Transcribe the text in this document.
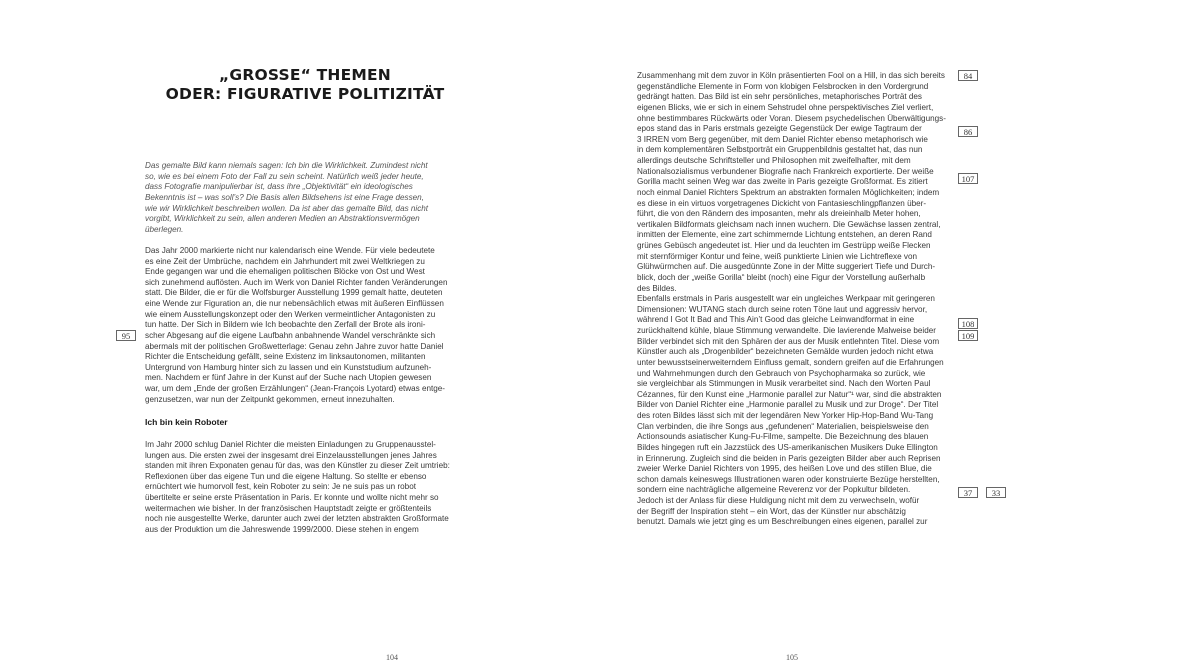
„GROSSE“ THEMEN
ODER: FIGURATIVE POLITIZITÄT

Das gemalte Bild kann niemals sagen: Ich bin die Wirklichkeit. Zumindest nicht
so, wie es bei einem Foto der Fall zu sein scheint. Natürlich weiß jeder heute,
dass Fotografie manipulierbar ist, dass ihre „Objektivität“ ein ideologisches
Bekenntnis ist – was soll’s? Die Basis allen Bildsehens ist eine Frage dessen,
wie wir Wirklichkeit beschreiben wollen. Da ist aber das gemalte Bild, das nicht
vorgibt, Wirklichkeit zu sein, allen anderen Medien an Abstraktionsvermögen
überlegen.

Das Jahr 2000 markierte nicht nur kalendarisch eine Wende. Für viele bedeutete
es eine Zeit der Umbrüche, nachdem ein Jahrhundert mit zwei Weltkriegen zu
Ende gegangen war und die ehemaligen politischen Blöcke von Ost und West
sich zunehmend auflösten. Auch im Werk von Daniel Richter fanden Veränderungen
statt. Die Bilder, die er für die Wolfsburger Ausstellung 1999 gemalt hatte, deuteten
eine Wende zur Figuration an, die nur nebensächlich etwas mit äußeren Einflüssen
wie einem Ausstellungskonzept oder den Werken vermeintlicher Antagonisten zu
tun hatte. Der Sich in Bildern wie Ich beobachte den Zerfall der Brote als ironi-
scher Abgesang auf die eigene Laufbahn anbahnende Wandel verschränkte sich
abermals mit der politischen Großwetterlage: Genau zehn Jahre zuvor hatte Daniel
Richter die Entscheidung gefällt, seine Existenz im linksautonomen, militanten
Untergrund von Hamburg hinter sich zu lassen und ein Kunststudium aufzuneh-
men. Nachdem er fünf Jahre in der Kunst auf der Suche nach Utopien gewesen
war, um dem „Ende der großen Erzählungen“ (Jean-François Lyotard) etwas entge-
genzusetzen, war nun der Zeitpunkt gekommen, erneut innezuhalten.

Ich bin kein Roboter

Im Jahr 2000 schlug Daniel Richter die meisten Einladungen zu Gruppenausstel-
lungen aus. Die ersten zwei der insgesamt drei Einzelausstellungen jenes Jahres
standen mit ihren Exponaten genau für das, was den Künstler zu dieser Zeit umtrieb:
Reflexionen über das eigene Tun und die eigene Haltung. So stellte er ebenso
ernüchtert wie humorvoll fest, kein Roboter zu sein: Je ne suis pas un robot
übertitelte er seine erste Präsentation in Paris. Er konnte und wollte nicht mehr so
weitermachen wie bisher. In der französischen Hauptstadt zeigte er größtenteils
noch nie ausgestellte Werke, darunter auch zwei der letzten abstrakten Großformate
aus der Produktion um die Jahreswende 1999/2000. Diese stehen in engem

95
104

Zusammenhang mit dem zuvor in Köln präsentierten Fool on a Hill, in das sich bereits
gegenständliche Elemente in Form von klobigen Felsbrocken in den Vordergrund
gedrängt hatten. Das Bild ist ein sehr persönliches, metaphorisches Porträt des
eigenen Blicks, wie er sich in einem Sehstrudel ohne perspektivisches Ziel verliert,
ohne bestimmbares Rückwärts oder Voran. Diesem psychedelischen Überwältigungs-
epos stand das in Paris erstmals gezeigte Gegenstück Der ewige Tagtraum der
3 IRREN vom Berg gegenüber, mit dem Daniel Richter ebenso metaphorisch wie
in dem komplementären Selbstporträt ein Gruppenbildnis gestaltet hat, das nun
allerdings deutsche Schriftsteller und Philosophen mit zweifelhafter, mit dem
Nationalsozialismus verbundener Biografie nach Frankreich exportierte. Der weiße
Gorilla macht seinen Weg war das zweite in Paris gezeigte Großformat. Es zitiert
noch einmal Daniel Richters Spektrum an abstrakten formalen Möglichkeiten; indem
es diese in ein virtuos vorgetragenes Dickicht von Fantasieschlingpflanzen über-
führt, die von den Rändern des imposanten, mehr als dreieinhalb Meter hohen,
vertikalen Bildformats gleichsam nach innen wuchern. Die Gewächse lassen zentral,
inmitten der Elemente, eine zart schimmernde Lichtung entstehen, an deren Rand
grünes Gebüsch angedeutet ist. Hier und da leuchten im Gestrüpp weiße Flecken
mit sternförmiger Kontur und feine, weiß punktierte Linien wie Lichtreflexe von
Glühwürmchen auf. Die ausgedünnte Zone in der Mitte suggeriert Tiefe und Durch-
blick, doch der „weiße Gorilla“ bleibt (noch) eine Figur der Vorstellung außerhalb
des Bildes.

Ebenfalls erstmals in Paris ausgestellt war ein ungleiches Werkpaar mit geringeren
Dimensionen: WUTANG stach durch seine roten Töne laut und aggressiv hervor,
während I Got It Bad and This Ain’t Good das gleiche Leinwandformat in eine
zurückhaltend kühle, blaue Stimmung verwandelte. Die lavierende Malweise beider
Bilder verbindet sich mit den Sphären der aus der Musik entlehnten Titel. Diese vom
Künstler auch als „Drogenbilder“ bezeichneten Gemälde wurden jedoch nicht etwa
unter bewusstseinerweiterndem Einfluss gemalt, sondern greifen auf die Erfahrungen
und Wahrnehmungen durch den Gebrauch von Psychopharmaka so zurück, wie
sie vergleichbar als Stimmungen in Musik verarbeitet sind. Nach den Worten Paul
Cézannes, für den Kunst eine „Harmonie parallel zur Natur“¹ war, sind die abstrakten
Bilder von Daniel Richter eine „Harmonie parallel zu Musik und zur Droge“. Der Titel
des roten Bildes lässt sich mit der legendären New Yorker Hip-Hop-Band Wu-Tang
Clan verbinden, die ihre Songs aus „gefundenen“ Materialien, beispielsweise den
Actionsounds asiatischer Kung-Fu-Filme, sampelte. Die Bezeichnung des blauen
Bildes hingegen ruft ein Jazzstück des US-amerikanischen Musikers Duke Ellington
in Erinnerung. Zugleich sind die beiden in Paris gezeigten Bilder aber auch Reprisen
zweier Werke Daniel Richters von 1995, des heißen Love und des stillen Blue, die
schon damals keineswegs Illustrationen waren oder konstruierte Bezüge herstellten,
sondern eine nachträgliche allgemeine Reverenz vor der Popkultur bildeten.
Jedoch ist der Anlass für diese Huldigung nicht mit dem zu verwechseln, wofür
der Begriff der Inspiration steht – ein Wort, das der Künstler nur abschätzig
benutzt. Damals wie jetzt ging es um Beschreibungen eines eigenen, parallel zur

84
86
107
108
109
37	33
105
